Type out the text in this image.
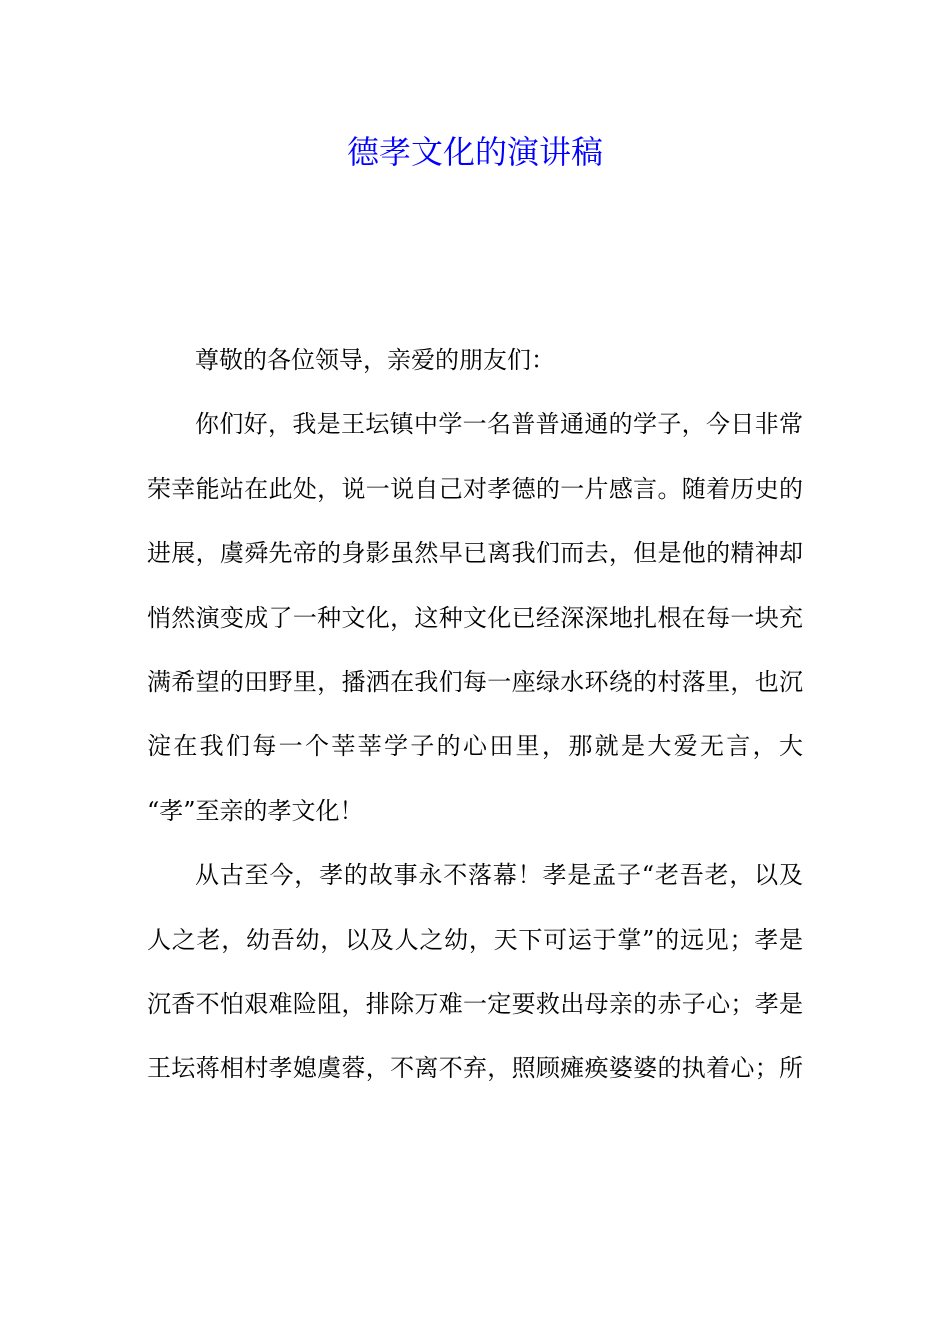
德孝文化的演讲稿
尊敬的各位领导，亲爱的朋友们：
你们好，我是王坛镇中学一名普普通通的学子，今日非常
荣幸能站在此处，说一说自己对孝德的一片感言。随着历史的
进展，虞舜先帝的身影虽然早已离我们而去，但是他的精神却
悄然演变成了一种文化，这种文化已经深深地扎根在每一块充
满希望的田野里，播洒在我们每一座绿水环绕的村落里，也沉
淀在我们每一个莘莘学子的心田里，那就是大爱无言，大
“孝”至亲的孝文化！
从古至今，孝的故事永不落幕！孝是孟子“老吾老，以及
人之老，幼吾幼，以及人之幼，天下可运于掌”的远见；孝是
沉香不怕艰难险阻，排除万难一定要救出母亲的赤子心；孝是
王坛蒋相村孝媳虞蓉，不离不弃，照顾瘫痪婆婆的执着心；所
